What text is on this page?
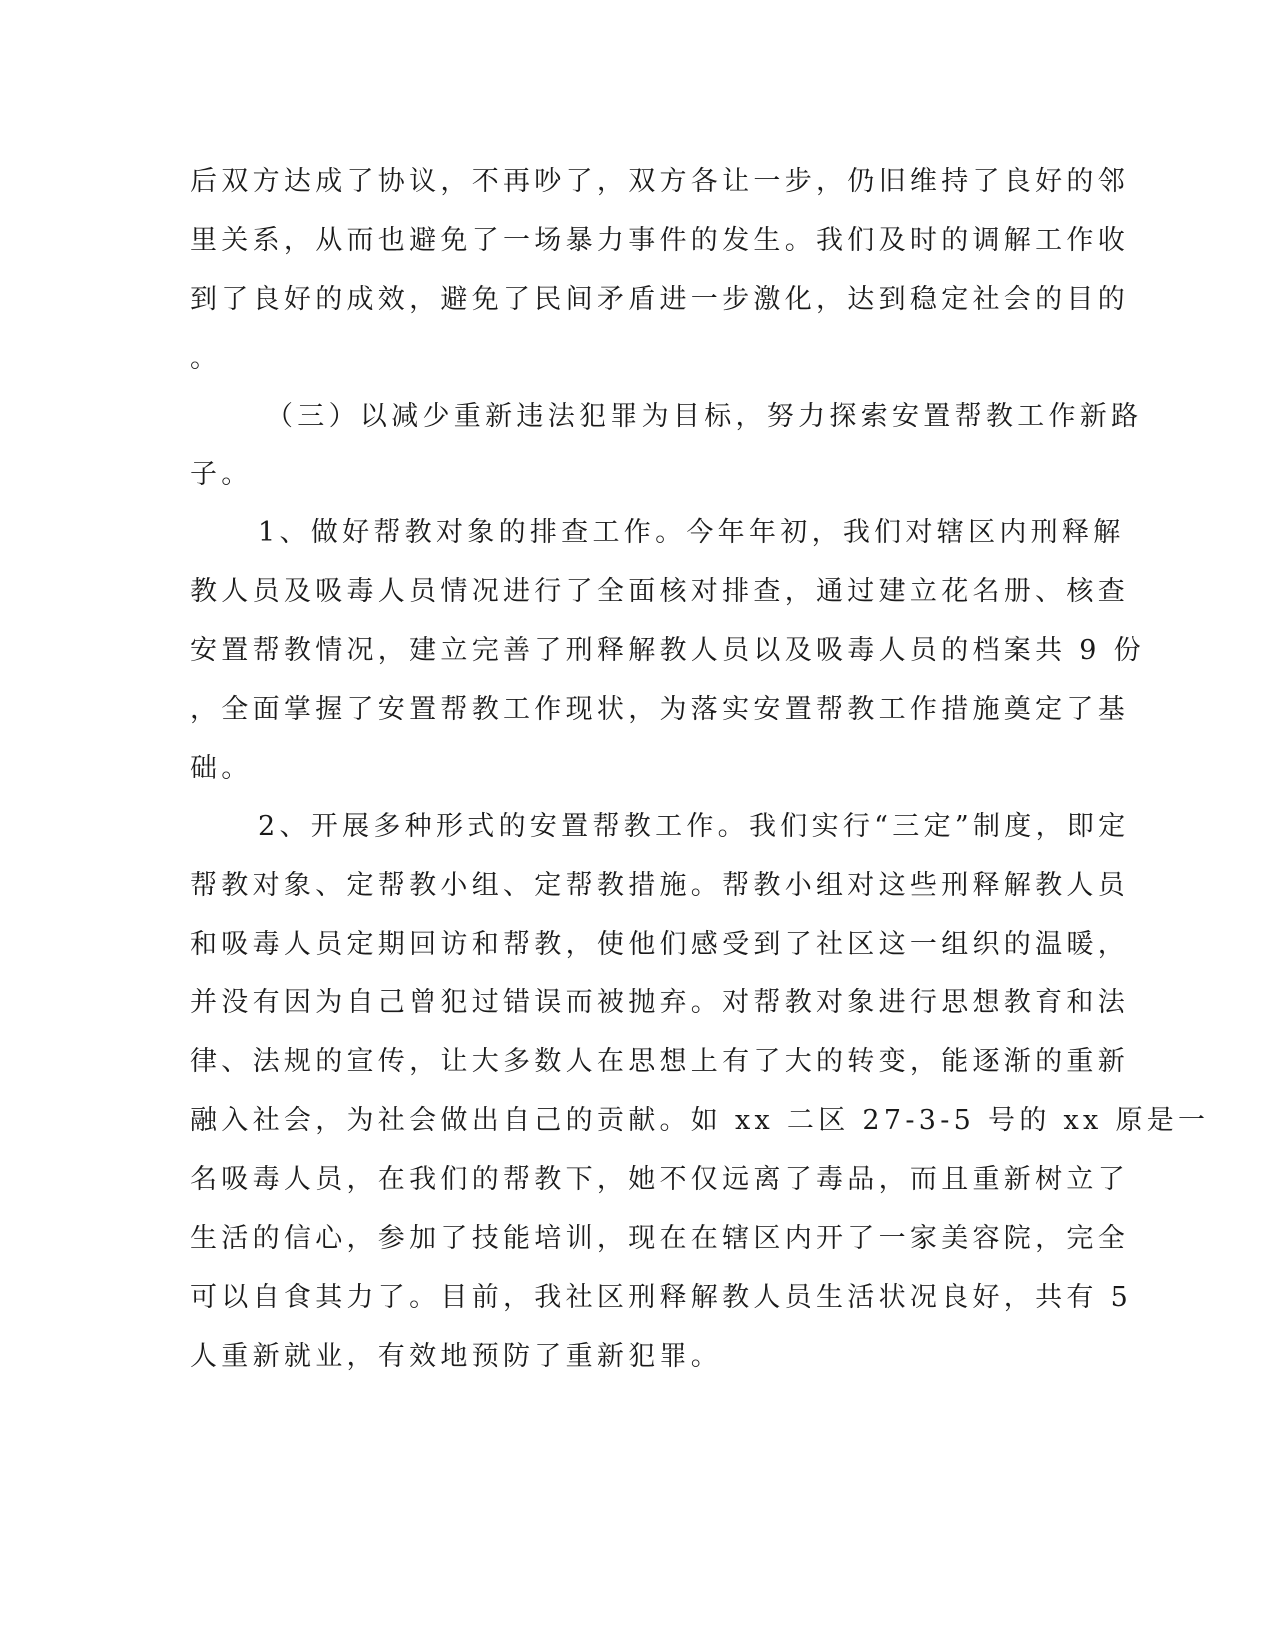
后双方达成了协议，不再吵了，双方各让一步，仍旧维持了良好的邻
里关系，从而也避免了一场暴力事件的发生。我们及时的调解工作收
到了良好的成效，避免了民间矛盾进一步激化，达到稳定社会的目的
。
（三）以减少重新违法犯罪为目标，努力探索安置帮教工作新路
子。
1、做好帮教对象的排查工作。今年年初，我们对辖区内刑释解
教人员及吸毒人员情况进行了全面核对排查，通过建立花名册、核查
安置帮教情况，建立完善了刑释解教人员以及吸毒人员的档案共 9 份
，全面掌握了安置帮教工作现状，为落实安置帮教工作措施奠定了基
础。
2、开展多种形式的安置帮教工作。我们实行“三定”制度，即定
帮教对象、定帮教小组、定帮教措施。帮教小组对这些刑释解教人员
和吸毒人员定期回访和帮教，使他们感受到了社区这一组织的温暖，
并没有因为自己曾犯过错误而被抛弃。对帮教对象进行思想教育和法
律、法规的宣传，让大多数人在思想上有了大的转变，能逐渐的重新
融入社会，为社会做出自己的贡献。如 xx 二区 27-3-5 号的 xx 原是一
名吸毒人员，在我们的帮教下，她不仅远离了毒品，而且重新树立了
生活的信心，参加了技能培训，现在在辖区内开了一家美容院，完全
可以自食其力了。目前，我社区刑释解教人员生活状况良好，共有 5
人重新就业，有效地预防了重新犯罪。
